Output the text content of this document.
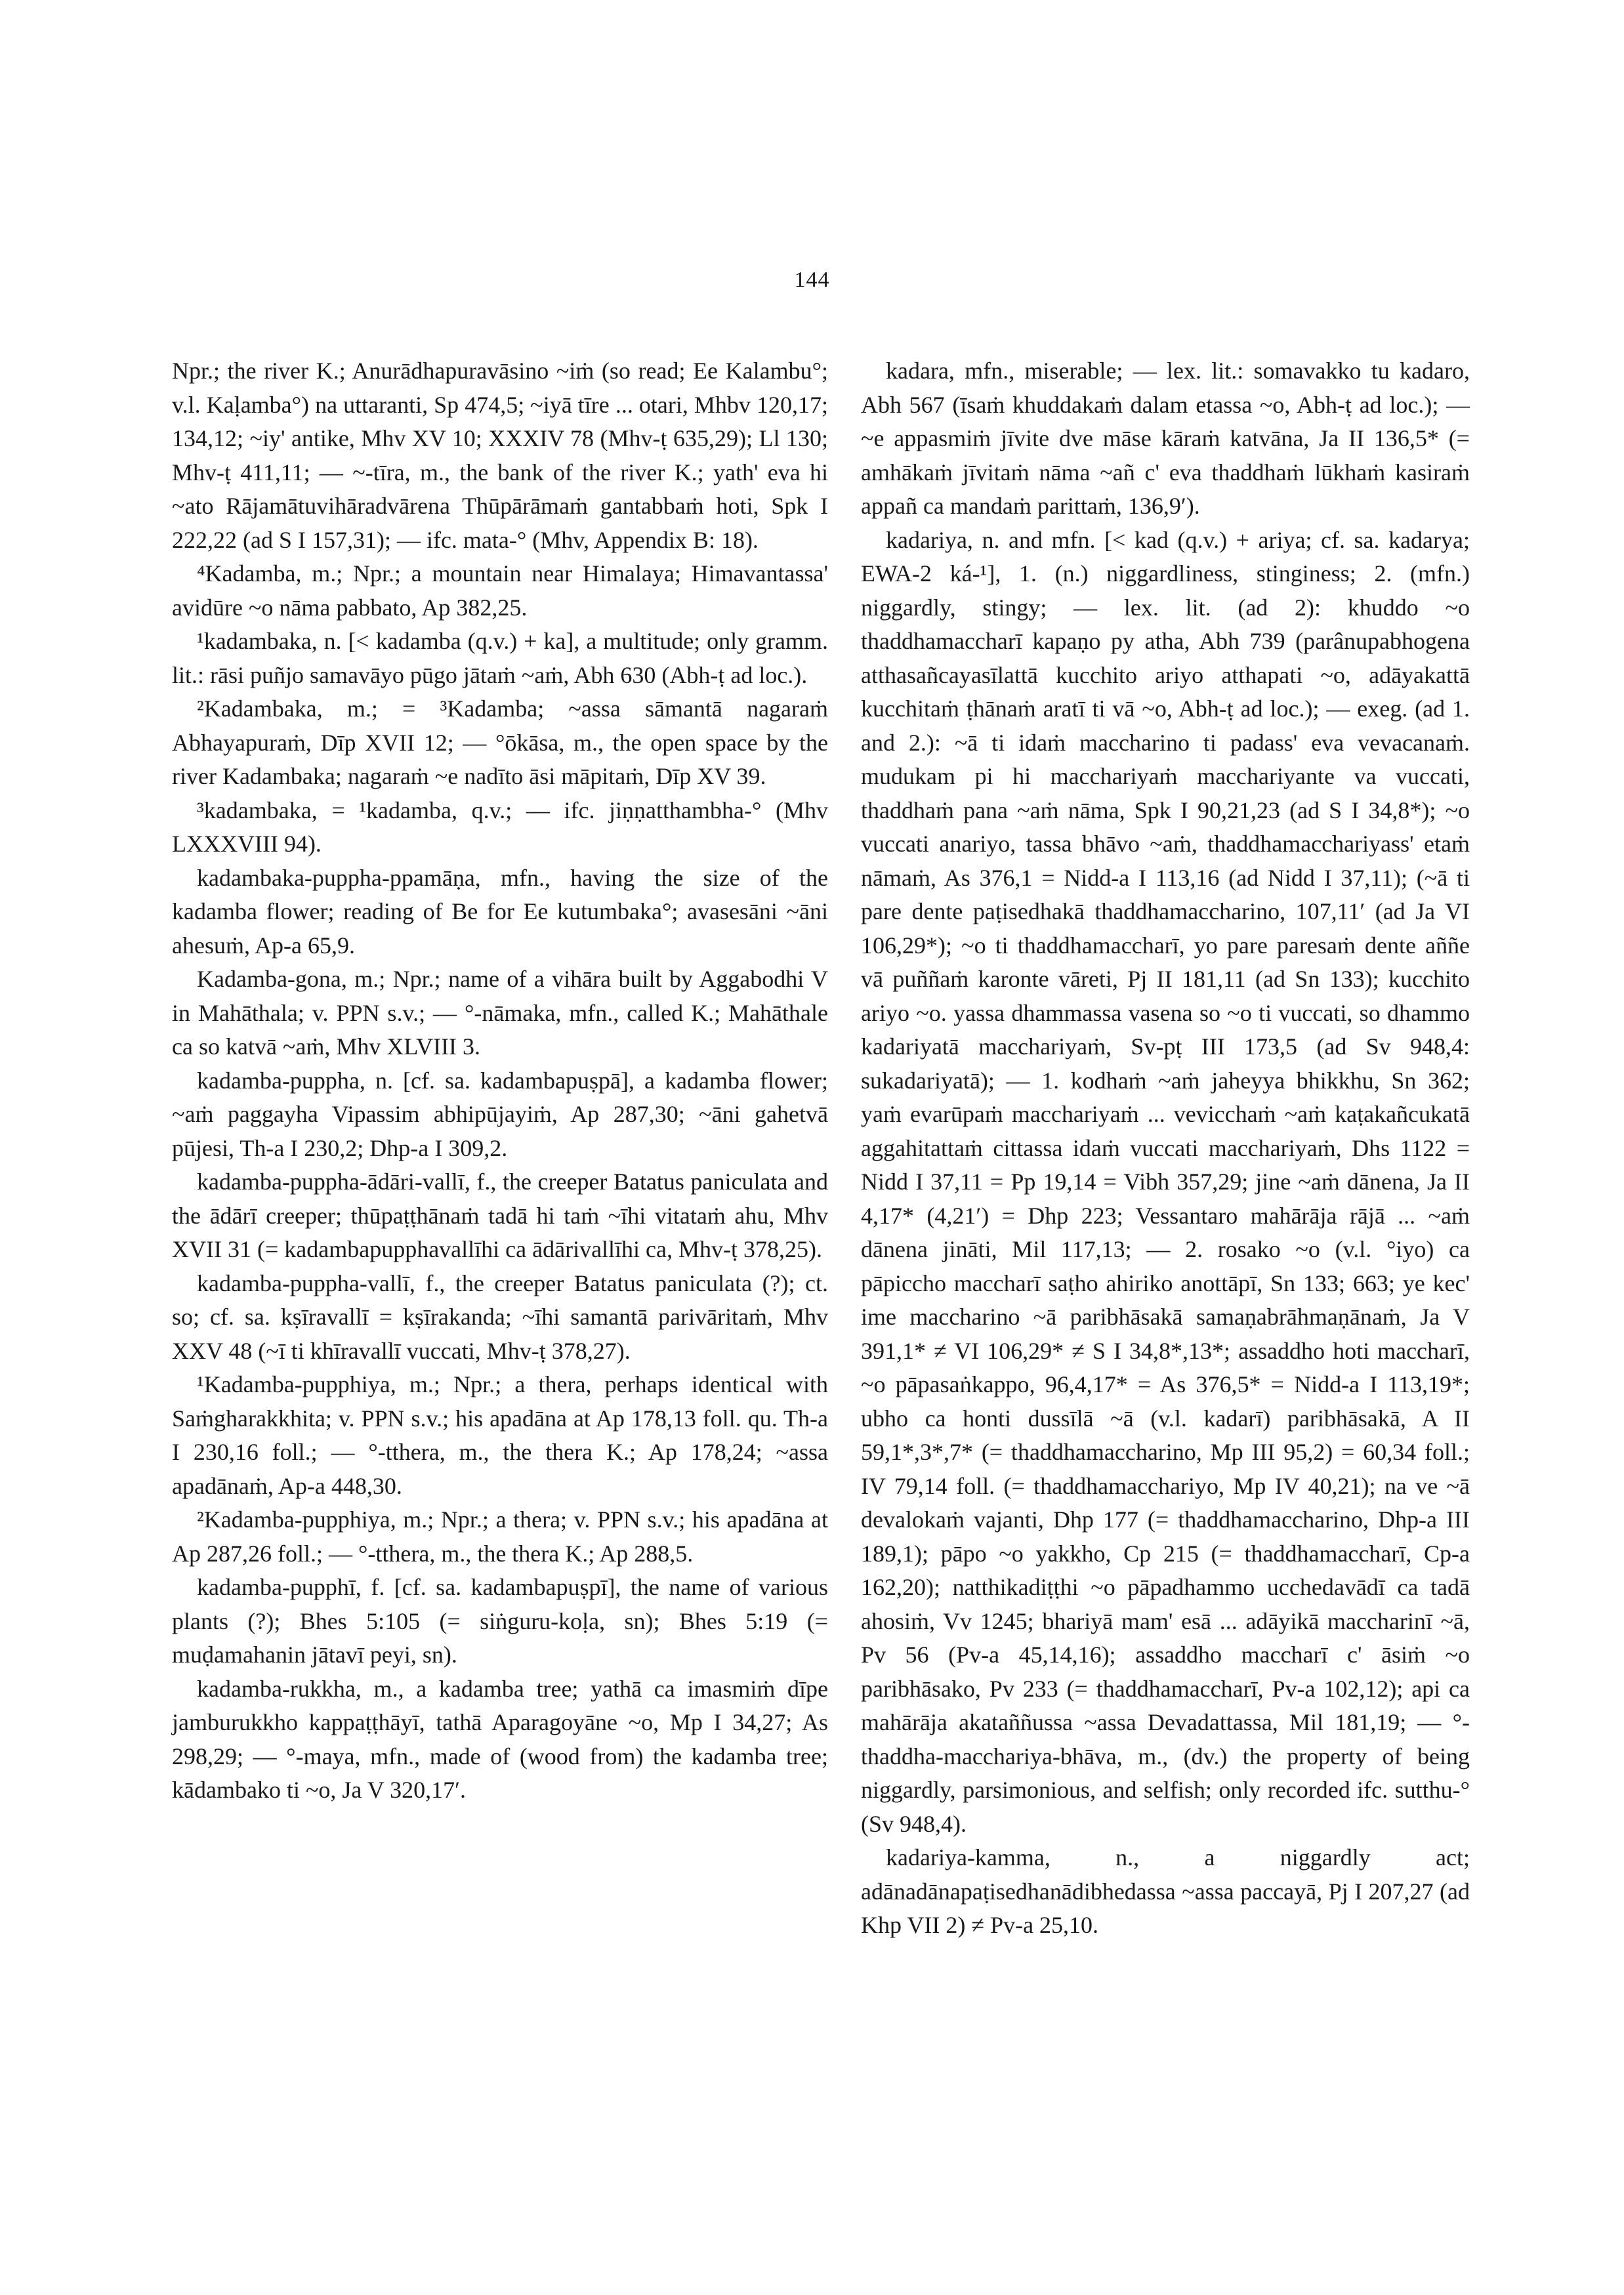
144

Npr.; the river K.; Anurādhapuravāsino ~iṁ (so read; Ee Kalambu°; v.l. Kaḷamba°) na uttaranti, Sp 474,5; ~iyā tīre ... otari, Mhbv 120,17; 134,12; ~iy' antike, Mhv XV 10; XXXIV 78 (Mhv-ṭ 635,29); Ll 130; Mhv-ṭ 411,11; — ~-tīra, m., the bank of the river K.; yath' eva hi ~ato Rājamātuvihāradvārena Thūpārāmaṁ gantabbaṁ hoti, Spk I 222,22 (ad S I 157,31); — ifc. mata-° (Mhv, Appendix B: 18).

⁴Kadamba, m.; Npr.; a mountain near Himalaya; Himavantassa' avidūre ~o nāma pabbato, Ap 382,25.

¹kadambaka, n. [< kadamba (q.v.) + ka], a multitude; only gramm. lit.: rāsi puñjo samavāyo pūgo jātaṁ ~aṁ, Abh 630 (Abh-ṭ ad loc.).

²Kadambaka, m.; = ³Kadamba; ~assa sāmantā nagaraṁ Abhayapuraṁ, Dīp XVII 12; — °ōkāsa, m., the open space by the river Kadambaka; nagaraṁ ~e nadīto āsi māpitaṁ, Dīp XV 39.

³kadambaka, = ¹kadamba, q.v.; — ifc. jiṇṇatthambha-° (Mhv LXXXVIII 94).

kadambaka-puppha-ppamāṇa, mfn., having the size of the kadamba flower; reading of Be for Ee kutumbaka°; avasesāni ~āni ahesuṁ, Ap-a 65,9.

Kadamba-gona, m.; Npr.; name of a vihāra built by Aggabodhi V in Mahāthala; v. PPN s.v.; — °-nāmaka, mfn., called K.; Mahāthale ca so katvā ~aṁ, Mhv XLVIII 3.

kadamba-puppha, n. [cf. sa. kadambapuṣpā], a kadamba flower; ~aṁ paggayha Vipassim abhipūjayiṁ, Ap 287,30; ~āni gahetvā pūjesi, Th-a I 230,2; Dhp-a I 309,2.

kadamba-puppha-ādāri-vallī, f., the creeper Batatus paniculata and the ādārī creeper; thūpaṭṭhānaṁ tadā hi taṁ ~īhi vitataṁ ahu, Mhv XVII 31 (= kadambapupphavallīhi ca ādārivallīhi ca, Mhv-ṭ 378,25).

kadamba-puppha-vallī, f., the creeper Batatus paniculata (?); ct. so; cf. sa. kṣīravallī = kṣīrakanda; ~īhi samantā parivāritaṁ, Mhv XXV 48 (~ī ti khīravallī vuccati, Mhv-ṭ 378,27).

¹Kadamba-pupphiya, m.; Npr.; a thera, perhaps identical with Saṁgharakkhita; v. PPN s.v.; his apadāna at Ap 178,13 foll. qu. Th-a I 230,16 foll.; — °-tthera, m., the thera K.; Ap 178,24; ~assa apadānaṁ, Ap-a 448,30.

²Kadamba-pupphiya, m.; Npr.; a thera; v. PPN s.v.; his apadāna at Ap 287,26 foll.; — °-tthera, m., the thera K.; Ap 288,5.

kadamba-pupphī, f. [cf. sa. kadambapuṣpī], the name of various plants (?); Bhes 5:105 (= siṅguru-koḷa, sn); Bhes 5:19 (= muḍamahanin jātavī peyi, sn).

kadamba-rukkha, m., a kadamba tree; yathā ca imasmiṁ dīpe jamburukkho kappaṭṭhāyī, tathā Aparagoyāne ~o, Mp I 34,27; As 298,29; — °-maya, mfn., made of (wood from) the kadamba tree; kādambako ti ~o, Ja V 320,17′.

kadara, mfn., miserable; — lex. lit.: somavakko tu kadaro, Abh 567 (īsaṁ khuddakaṁ dalam etassa ~o, Abh-ṭ ad loc.); — ~e appasmiṁ jīvite dve māse kāraṁ katvāna, Ja II 136,5* (= amhākaṁ jīvitaṁ nāma ~añ c' eva thaddhaṁ lūkhaṁ kasiraṁ appañ ca mandaṁ parittaṁ, 136,9′).

kadariya, n. and mfn. [< kad (q.v.) + ariya; cf. sa. kadarya; EWA-2 ká-¹], 1. (n.) niggardliness, stinginess; 2. (mfn.) niggardly, stingy; — lex. lit. (ad 2): khuddo ~o thaddhamaccharī kapaṇo py atha, Abh 739 (parânupabhogena atthasañcayasīlattā kucchito ariyo atthapati ~o, adāyakattā kucchitaṁ ṭhānaṁ aratī ti vā ~o, Abh-ṭ ad loc.); — exeg. (ad 1. and 2.): ~ā ti idaṁ maccharino ti padass' eva vevacanaṁ. mudukam pi hi macchariyaṁ macchariyante va vuccati, thaddhaṁ pana ~aṁ nāma, Spk I 90,21,23 (ad S I 34,8*); ~o vuccati anariyo, tassa bhāvo ~aṁ, thaddhamacchariyass' etaṁ nāmaṁ, As 376,1 = Nidd-a I 113,16 (ad Nidd I 37,11); (~ā ti pare dente paṭisedhakā thaddhamaccharino, 107,11′ (ad Ja VI 106,29*); ~o ti thaddhamaccharī, yo pare paresaṁ dente aññe vā puññaṁ karonte vāreti, Pj II 181,11 (ad Sn 133); kucchito ariyo ~o. yassa dhammassa vasena so ~o ti vuccati, so dhammo kadariyatā macchariyaṁ, Sv-pṭ III 173,5 (ad Sv 948,4: sukadariyatā); — 1. kodhaṁ ~aṁ jaheyya bhikkhu, Sn 362; yaṁ evarūpaṁ macchariyaṁ ... vevicchaṁ ~aṁ kaṭakañcukatā aggahitattaṁ cittassa idaṁ vuccati macchariyaṁ, Dhs 1122 = Nidd I 37,11 = Pp 19,14 = Vibh 357,29; jine ~aṁ dānena, Ja II 4,17* (4,21′) = Dhp 223; Vessantaro mahārāja rājā ... ~aṁ dānena jināti, Mil 117,13; — 2. rosako ~o (v.l. °iyo) ca pāpiccho maccharī saṭho ahiriko anottāpī, Sn 133; 663; ye kec' ime maccharino ~ā paribhāsakā samaṇabrāhmaṇānaṁ, Ja V 391,1* ≠ VI 106,29* ≠ S I 34,8*,13*; assaddho hoti maccharī, ~o pāpasaṅkappo, 96,4,17* = As 376,5* = Nidd-a I 113,19*; ubho ca honti dussīlā ~ā (v.l. kadarī) paribhāsakā, A II 59,1*,3*,7* (= thaddhamaccharino, Mp III 95,2) = 60,34 foll.; IV 79,14 foll. (= thaddhamacchariyo, Mp IV 40,21); na ve ~ā devalokaṁ vajanti, Dhp 177 (= thaddhamaccharino, Dhp-a III 189,1); pāpo ~o yakkho, Cp 215 (= thaddhamaccharī, Cp-a 162,20); natthikadiṭṭhi ~o pāpadhammo ucchedavādī ca tadā ahosiṁ, Vv 1245; bhariyā mam' esā ... adāyikā maccharinī ~ā, Pv 56 (Pv-a 45,14,16); assaddho maccharī c' āsiṁ ~o paribhāsako, Pv 233 (= thaddhamaccharī, Pv-a 102,12); api ca mahārāja akataññussa ~assa Devadattassa, Mil 181,19; — °-thaddha-macchariya-bhāva, m., (dv.) the property of being niggardly, parsimonious, and selfish; only recorded ifc. sutthu-° (Sv 948,4).

kadariya-kamma, n., a niggardly act; adānadānapaṭisedhanādibhedassa ~assa paccayā, Pj I 207,27 (ad Khp VII 2) ≠ Pv-a 25,10.
